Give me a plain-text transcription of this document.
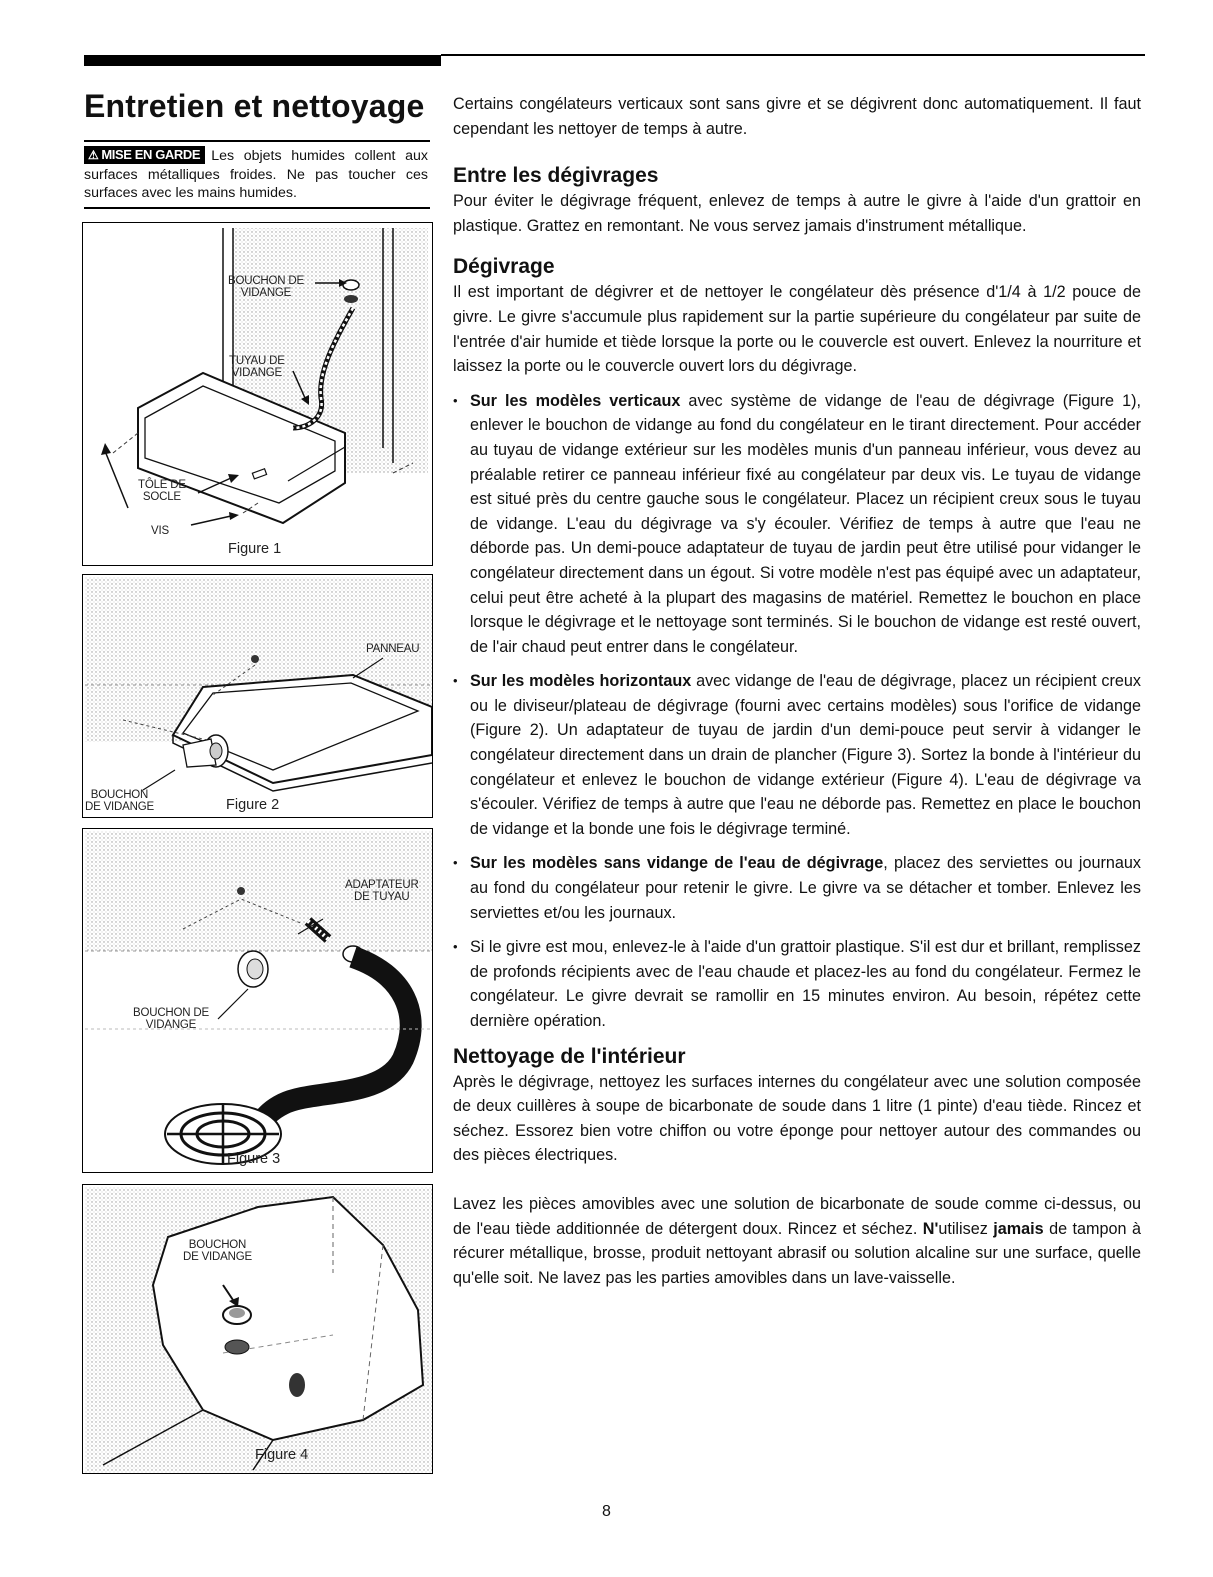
Entretien et nettoyage
⚠ MISE EN GARDE Les objets humides collent aux surfaces métalliques froides. Ne pas toucher ces surfaces avec les mains humides.
BOUCHON DE
VIDANGE
TUYAU DE
VIDANGE
TÔLE DE
SOCLE
VIS
Figure 1
PANNEAU
BOUCHON
DE VIDANGE	Figure 2
ADAPTATEUR
DE TUYAU
BOUCHON DE
VIDANGE
Figure 3
BOUCHON
DE VIDANGE
Figure 4

Certains congélateurs verticaux sont sans givre et se dégivrent donc automatiquement. Il faut cependant les nettoyer de temps à autre.

Entre les dégivrages

Pour éviter le dégivrage fréquent, enlevez de temps à autre le givre à l'aide d'un grattoir en plastique. Grattez en remontant. Ne vous servez jamais d'instrument métallique.

Dégivrage

Il est important de dégivrer et de nettoyer le congélateur dès présence d'1/4 à 1/2 pouce de givre. Le givre s'accumule plus rapidement sur la partie supérieure du congélateur par suite de l'entrée d'air humide et tiède lorsque la porte ou le couvercle est ouvert. Enlevez la nourriture et laissez la porte ou le couvercle ouvert lors du dégivrage.

• Sur les modèles verticaux avec système de vidange de l'eau de dégivrage (Figure 1), enlever le bouchon de vidange au fond du congélateur en le tirant directement. Pour accéder au tuyau de vidange extérieur sur les modèles munis d'un panneau inférieur, vous devez au préalable retirer ce panneau inférieur fixé au congélateur par deux vis. Le tuyau de vidange est situé près du centre gauche sous le congélateur. Placez un récipient creux sous le tuyau de vidange. L'eau du dégivrage va s'y écouler. Vérifiez de temps à autre que l'eau ne déborde pas. Un demi-pouce adaptateur de tuyau de jardin peut être utilisé pour vidanger le congélateur directement dans un égout. Si votre modèle n'est pas équipé avec un adaptateur, celui peut être acheté à la plupart des magasins de matériel. Remettez le bouchon en place lorsque le dégivrage et le nettoyage sont terminés. Si le bouchon de vidange est resté ouvert, de l'air chaud peut entrer dans le congélateur.
• Sur les modèles horizontaux avec vidange de l'eau de dégivrage, placez un récipient creux ou le diviseur/plateau de dégivrage (fourni avec certains modèles) sous l'orifice de vidange (Figure 2). Un adaptateur de tuyau de jardin d'un demi-pouce peut servir à vidanger le congélateur directement dans un drain de plancher (Figure 3). Sortez la bonde à l'intérieur du congélateur et enlevez le bouchon de vidange extérieur (Figure 4). L'eau de dégivrage va s'écouler. Vérifiez de temps à autre que l'eau ne déborde pas. Remettez en place le bouchon de vidange et la bonde une fois le dégivrage terminé.
• Sur les modèles sans vidange de l'eau de dégivrage, placez des serviettes ou journaux au fond du congélateur pour retenir le givre. Le givre va se détacher et tomber. Enlevez les serviettes et/ou les journaux.
• Si le givre est mou, enlevez-le à l'aide d'un grattoir plastique. S'il est dur et brillant, remplissez de profonds récipients avec de l'eau chaude et placez-les au fond du congélateur. Fermez le congélateur. Le givre devrait se ramollir en 15 minutes environ. Au besoin, répétez cette dernière opération.
Nettoyage de l'intérieur

Après le dégivrage, nettoyez les surfaces internes du congélateur avec une solution composée de deux cuillères à soupe de bicarbonate de soude dans 1 litre (1 pinte) d'eau tiède. Rincez et séchez. Essorez bien votre chiffon ou votre éponge pour nettoyer autour des commandes ou des pièces électriques.

Lavez les pièces amovibles avec une solution de bicarbonate de soude comme ci-dessus, ou de l'eau tiède additionnée de détergent doux. Rincez et séchez. N'utilisez jamais de tampon à récurer métallique, brosse, produit nettoyant abrasif ou solution alcaline sur une surface, quelle qu'elle soit. Ne lavez pas les parties amovibles dans un lave-vaisselle.

8
